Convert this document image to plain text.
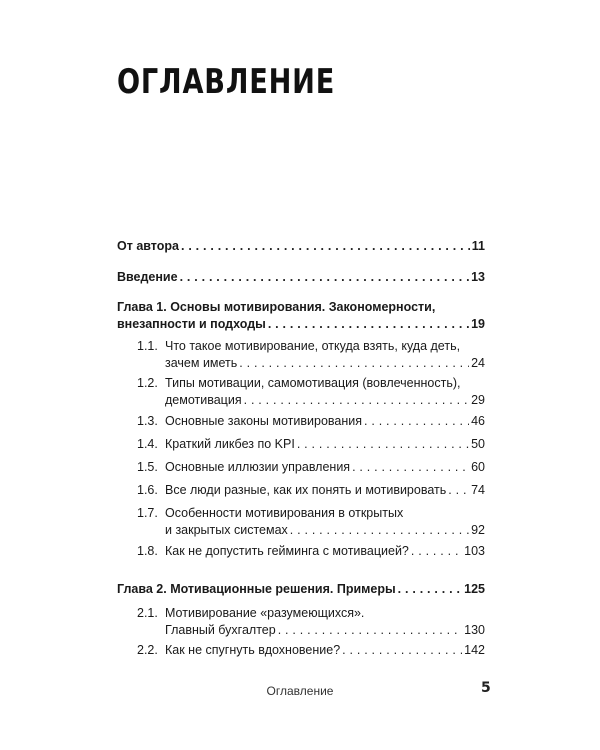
ОГЛАВЛЕНИЕ
От автора . . .	11
Введение . . .	13
Глава 1. Основы мотивирования. Закономерности,
внезапности и подходы . . .	19
1.1. Что такое мотивирование, откуда взять, куда деть,
зачем иметь . . .	24
1.2. Типы мотивации, самомотивация (вовлеченность),
демотивация . . .	29
1.3. Основные законы мотивирования . . .	46
1.4. Краткий ликбез по KPI . . .	50
1.5. Основные иллюзии управления . . .	60
1.6. Все люди разные, как их понять и мотивировать . . . 74
1.7. Особенности мотивирования в открытых
и закрытых системах . . .	92
1.8. Как не допустить гейминга с мотивацией? . . .	103
Глава 2. Мотивационные решения. Примеры . . .	125
2.1. Мотивирование «разумеющихся».
Главный бухгалтер . . .	130
2.2. Как не спугнуть вдохновение? . . .	142
Оглавление	5
